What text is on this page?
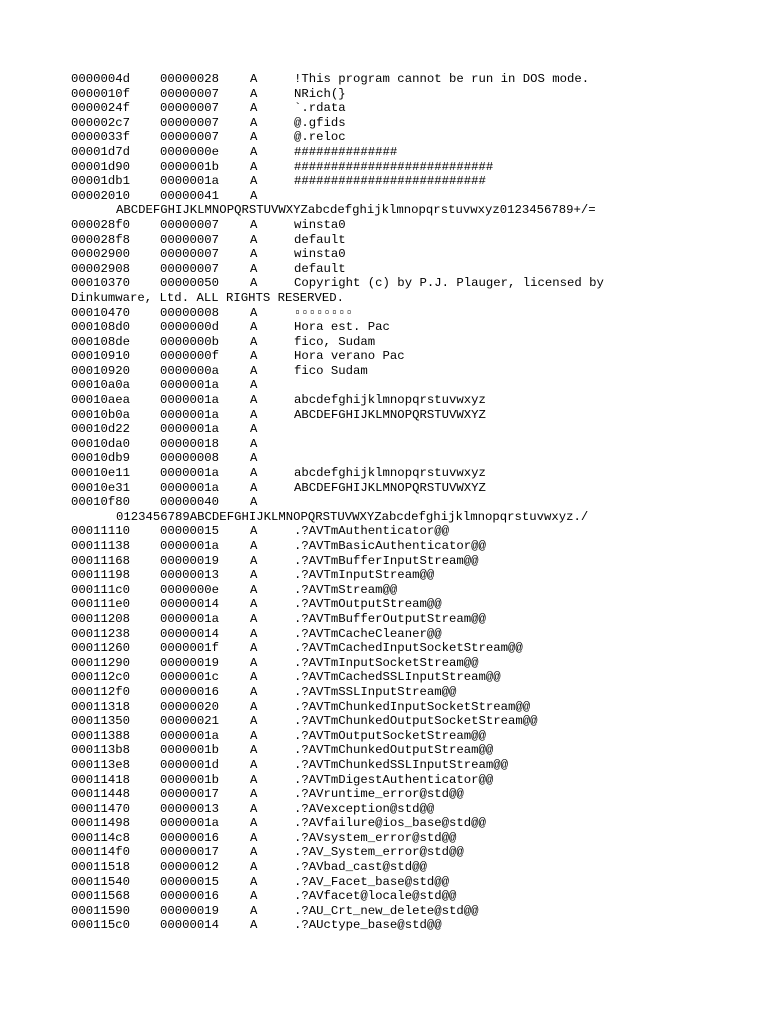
0000004d 00000028	A	!This program cannot be run in DOS mode.
0000010f 00000007	A	NRich(}
0000024f 00000007	A	`.rdata
000002c7 00000007	A	@.gfids
0000033f 00000007	A	@.reloc
00001d7d 0000000e	A	##############
00001d90 0000001b	A	###########################
00001db1 0000001a	A	##########################
00002010 00000041	A
ABCDEFGHIJKLMNOPQRSTUVWXYZabcdefghijklmnopqrstuvwxyz0123456789+/=
000028f0 00000007	A	winsta0
000028f8 00000007	A	default
00002900 00000007	A	winsta0
00002908 00000007	A	default
00010370 00000050	A	Copyright (c) by P.J. Plauger, licensed by
Dinkumware, Ltd. ALL RIGHTS RESERVED.
00010470 00000008	A	▫▫▫▫▫▫▫▫
000108d0 0000000d	A	Hora est. Pac
000108de 0000000b	A	fico, Sudam
00010910 0000000f	A	Hora verano Pac
00010920 0000000a	A	fico Sudam
00010a0a 0000001a	A
00010aea 0000001a	A	abcdefghijklmnopqrstuvwxyz
00010b0a 0000001a	A	ABCDEFGHIJKLMNOPQRSTUVWXYZ
00010d22 0000001a	A
00010da0 00000018	A
00010db9 00000008	A
00010e11 0000001a	A	abcdefghijklmnopqrstuvwxyz
00010e31 0000001a	A	ABCDEFGHIJKLMNOPQRSTUVWXYZ
00010f80 00000040	A
0123456789ABCDEFGHIJKLMNOPQRSTUVWXYZabcdefghijklmnopqrstuvwxyz./
00011110 00000015	A	.?AVTmAuthenticator@@
00011138 0000001a	A	.?AVTmBasicAuthenticator@@
00011168 00000019	A	.?AVTmBufferInputStream@@
00011198 00000013	A	.?AVTmInputStream@@
000111c0 0000000e	A	.?AVTmStream@@
000111e0 00000014	A	.?AVTmOutputStream@@
00011208 0000001a	A	.?AVTmBufferOutputStream@@
00011238 00000014	A	.?AVTmCacheCleaner@@
00011260 0000001f	A	.?AVTmCachedInputSocketStream@@
00011290 00000019	A	.?AVTmInputSocketStream@@
000112c0 0000001c	A	.?AVTmCachedSSLInputStream@@
000112f0 00000016	A	.?AVTmSSLInputStream@@
00011318 00000020	A	.?AVTmChunkedInputSocketStream@@
00011350 00000021	A	.?AVTmChunkedOutputSocketStream@@
00011388 0000001a	A	.?AVTmOutputSocketStream@@
000113b8 0000001b	A	.?AVTmChunkedOutputStream@@
000113e8 0000001d	A	.?AVTmChunkedSSLInputStream@@
00011418 0000001b	A	.?AVTmDigestAuthenticator@@
00011448 00000017	A	.?AVruntime_error@std@@
00011470 00000013	A	.?AVexception@std@@
00011498 0000001a	A	.?AVfailure@ios_base@std@@
000114c8 00000016	A	.?AVsystem_error@std@@
000114f0 00000017	A	.?AV_System_error@std@@
00011518 00000012	A	.?AVbad_cast@std@@
00011540 00000015	A	.?AV_Facet_base@std@@
00011568 00000016	A	.?AVfacet@locale@std@@
00011590 00000019	A	.?AU_Crt_new_delete@std@@
000115c0 00000014	A	.?AUctype_base@std@@
